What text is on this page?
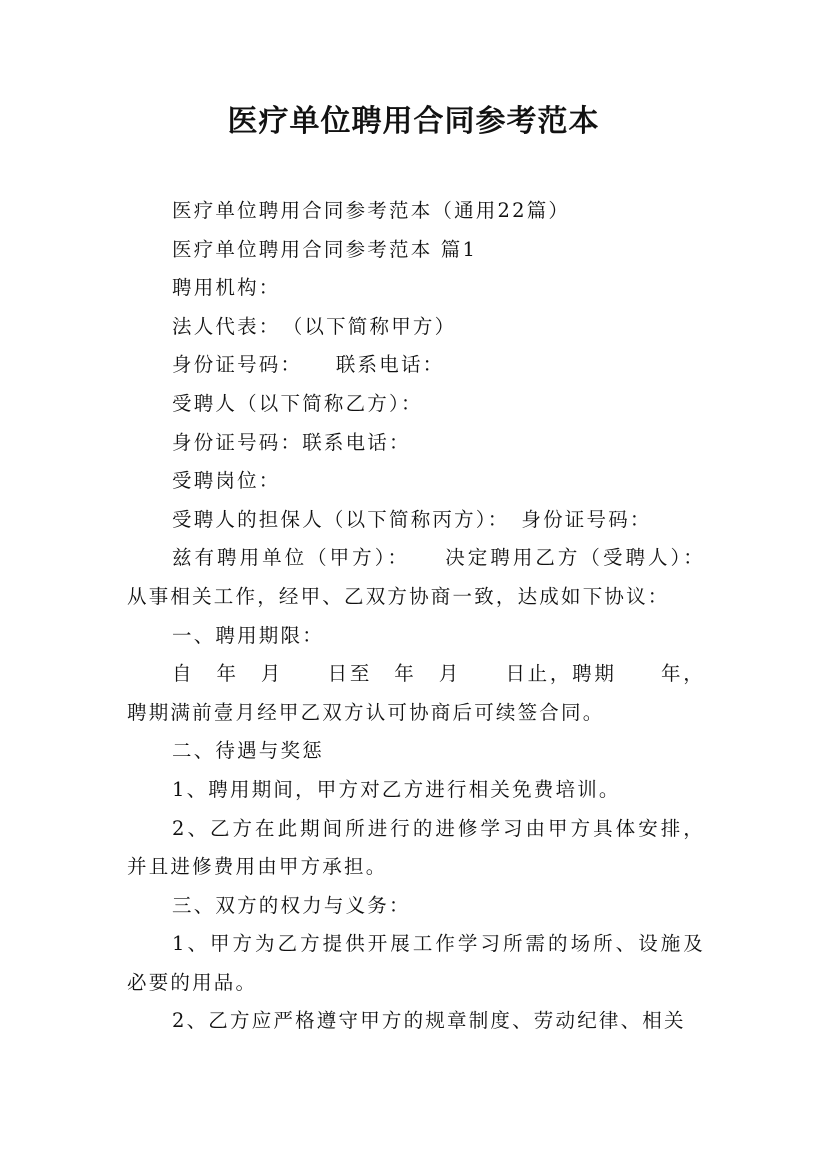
医疗单位聘用合同参考范本

医疗单位聘用合同参考范本（通用22篇）

医疗单位聘用合同参考范本 篇1

聘用机构：

法人代表：　（以下简称甲方）

身份证号码：　　联系电话：

受聘人（以下简称乙方）：

身份证号码：联系电话：

受聘岗位：

受聘人的担保人（以下简称丙方）：　身份证号码：

兹有聘用单位（甲方）：　　决定聘用乙方（受聘人）：从事相关工作，经甲、乙双方协商一致，达成如下协议：

一、聘用期限：

自　年　月　　日至　年　月　　日止，聘期　　年，聘期满前壹月经甲乙双方认可协商后可续签合同。

二、待遇与奖惩

1、聘用期间，甲方对乙方进行相关免费培训。

2、乙方在此期间所进行的进修学习由甲方具体安排，并且进修费用由甲方承担。

三、双方的权力与义务：

1、甲方为乙方提供开展工作学习所需的场所、设施及必要的用品。

2、乙方应严格遵守甲方的规章制度、劳动纪律、相关
